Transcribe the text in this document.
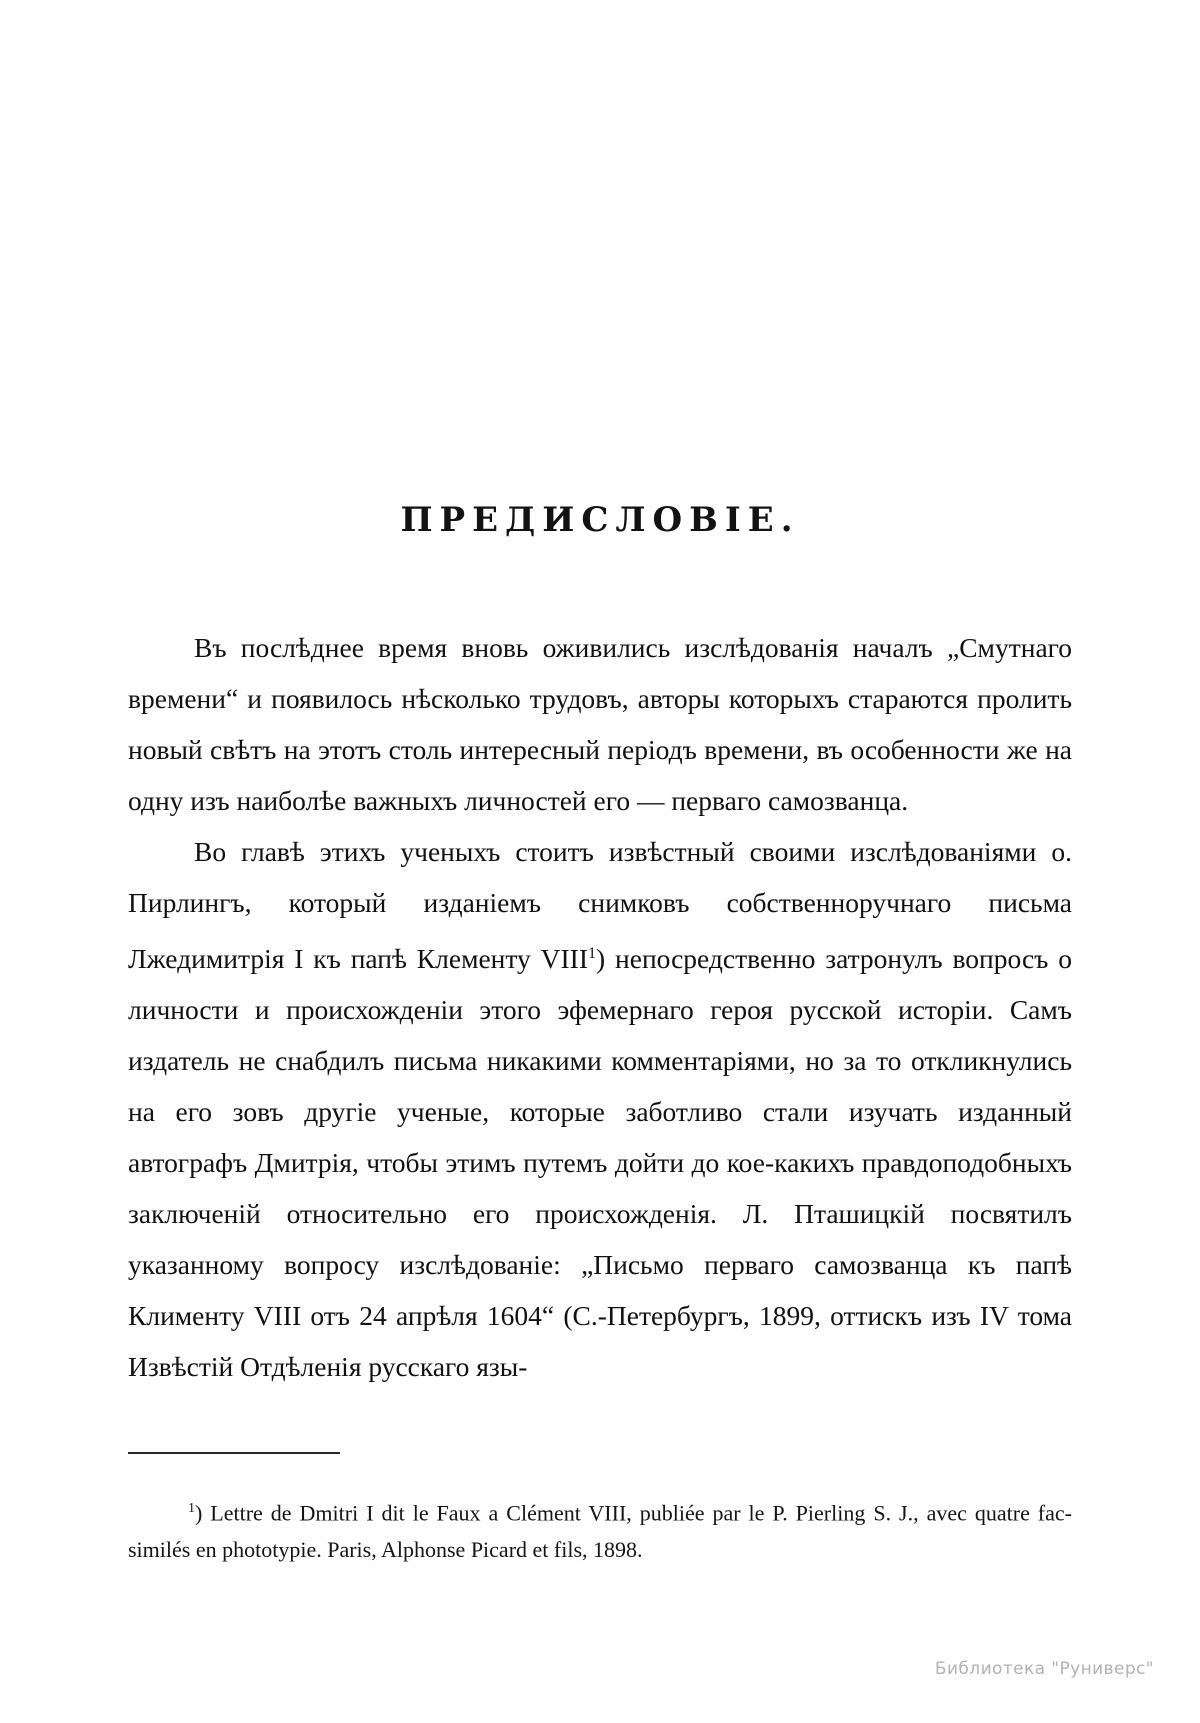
ПРЕДИСЛОВІЕ.

Въ послѣднее время вновь оживились изслѣдованія началъ „Смутнаго времени“ и появилось нѣсколько трудовъ, авторы которыхъ стараются пролить новый свѣтъ на этотъ столь интересный періодъ времени, въ особенности же на одну изъ наиболѣе важныхъ личностей его — перваго самозванца.

Во главѣ этихъ ученыхъ стоитъ извѣстный своими изслѣдованіями о. Пирлингъ, который изданіемъ снимковъ собственноручнаго письма Лжедимитрія I къ папѣ Клементу VIII$^1$) непосредственно затронулъ вопросъ о личности и происхожденіи этого эфемернаго героя русской исторіи. Самъ издатель не снабдилъ письма никакими комментаріями, но за то откликнулись на его зовъ другіе ученые, которые заботливо стали изучать изданный автографъ Дмитрія, чтобы этимъ путемъ дойти до кое-какихъ правдоподобныхъ заключеній относительно его происхожденія. Л. Пташицкій посвятилъ указанному вопросу изслѣдованіе: „Письмо перваго самозванца къ папѣ Клименту VIII отъ 24 апрѣля 1604“ (С.-Петербургъ, 1899, оттискъ изъ IV тома Извѣстій Отдѣленія русскаго язы-

$^1$) Lettre de Dmitri I dit le Faux a Clément VIII, publiée par le P. Pierling S. J., avec quatre fac-similés en phototypie. Paris, Alphonse Picard et fils, 1898.

Библиотека "Руниверс"
